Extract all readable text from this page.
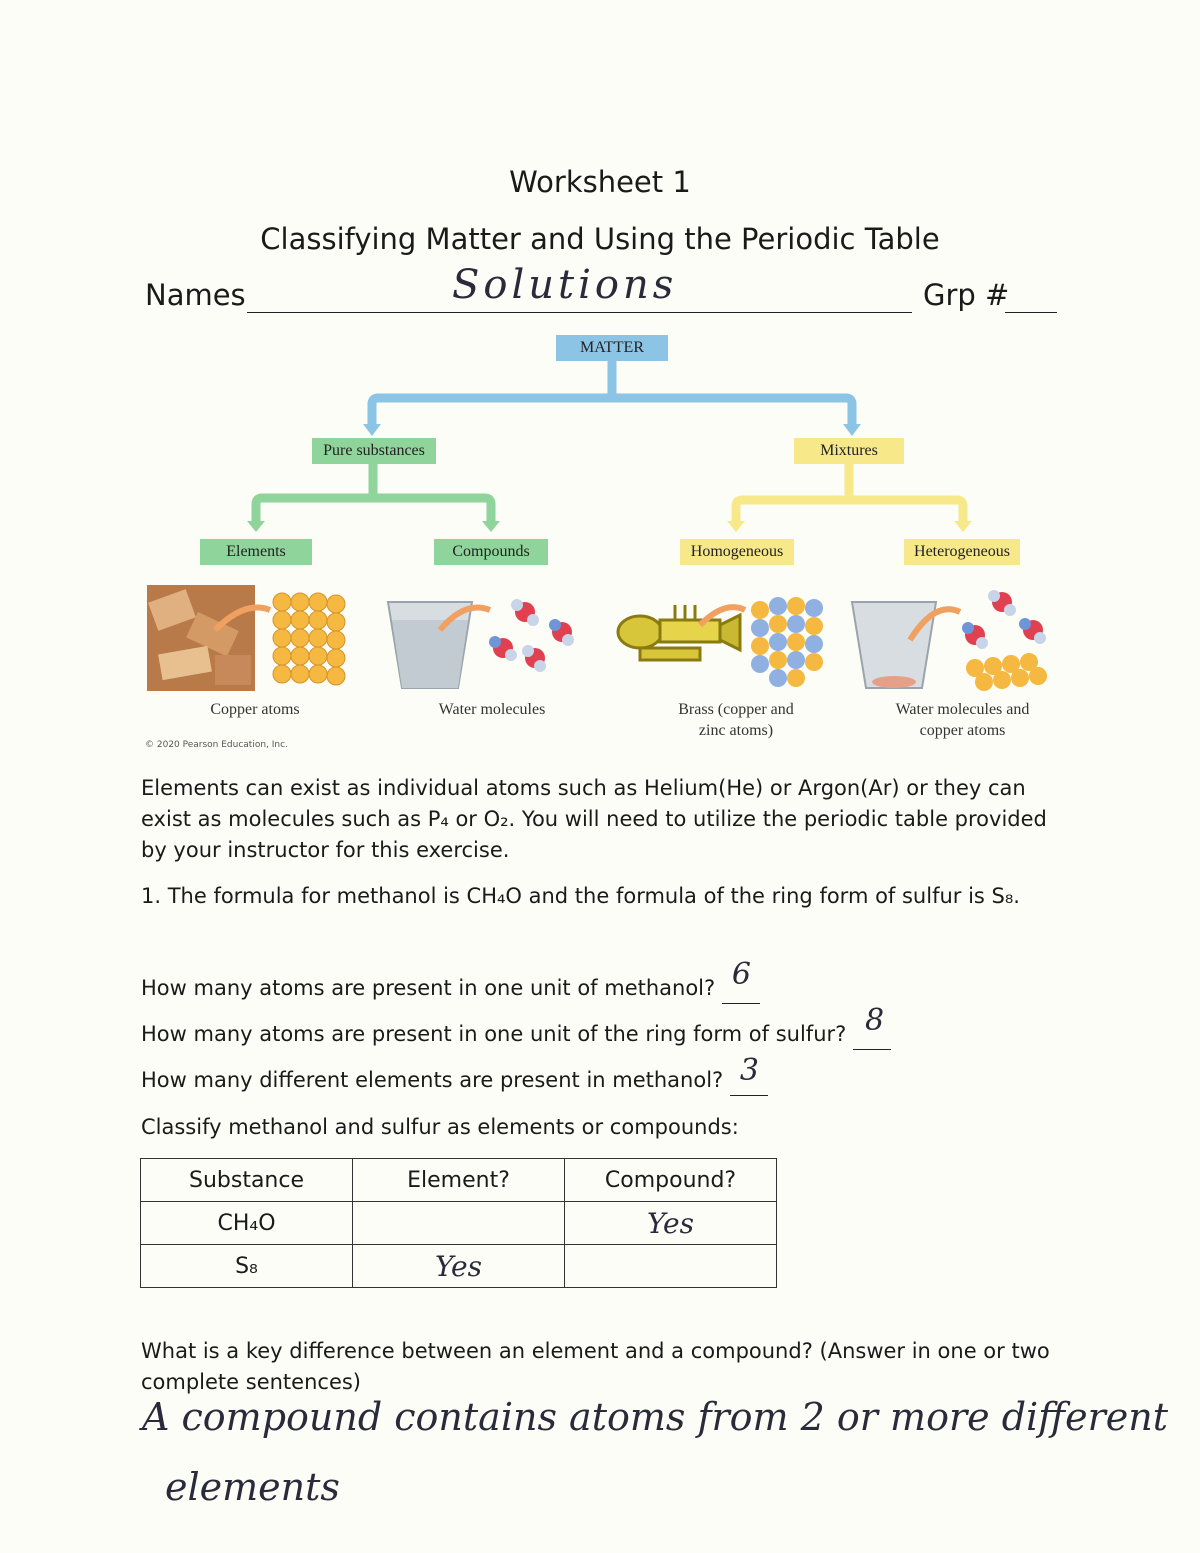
Worksheet 1
Classifying Matter and Using the Periodic Table
Names	Solutions	Grp #
MATTER
Pure substances	Mixtures
Elements	Compounds	Homogeneous	Heterogeneous
Copper atoms	Water molecules	Brass (copper and zinc atoms)
Water molecules and copper atoms
© 2020 Pearson Education, Inc.
Elements can exist as individual atoms such as Helium(He) or Argon(Ar) or they can exist as molecules such as P₄ or O₂. You will need to utilize the periodic table provided by your instructor for this exercise.
1. The formula for methanol is CH₄O and the formula of the ring form of sulfur is S₈.
How many atoms are present in one unit of methanol? 6
How many atoms are present in one unit of the ring form of sulfur? 8
How many different elements are present in methanol? 3
Classify methanol and sulfur as elements or compounds:
Substance	Element?	Compound?
CH₄O		Yes
S₈	Yes	
What is a key difference between an element and a compound? (Answer in one or two complete sentences)
A compound contains atoms from 2 or more different
elements
